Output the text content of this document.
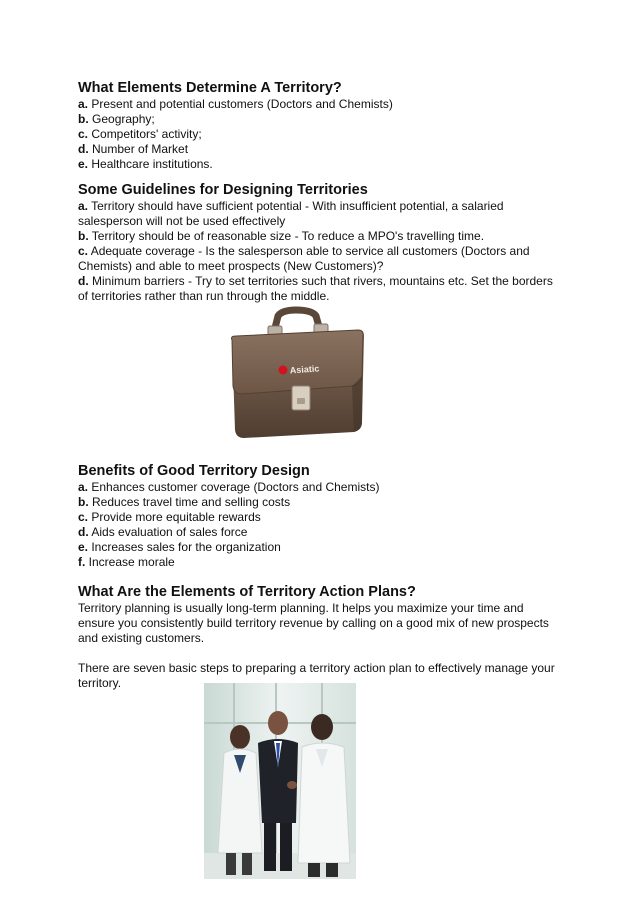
What Elements Determine A Territory?
a. Present and potential customers (Doctors and Chemists)
b. Geography;
c. Competitors' activity;
d. Number of Market
e. Healthcare institutions.
Some Guidelines for Designing Territories
a. Territory should have sufficient potential - With insufficient potential, a salaried salesperson will not be used effectively
b. Territory should be of reasonable size - To reduce a MPO's travelling time.
c. Adequate coverage - Is the salesperson able to service all customers (Doctors and Chemists) and able to meet prospects (New Customers)?
d. Minimum barriers - Try to set territories such that rivers, mountains etc. Set the borders of territories rather than run through the middle.
Asiatic
Benefits of Good Territory Design
a. Enhances customer coverage (Doctors and Chemists)
b. Reduces travel time and selling costs
c. Provide more equitable rewards
d. Aids evaluation of sales force
e. Increases sales for the organization
f. Increase morale
What Are the Elements of Territory Action Plans?

Territory planning is usually long-term planning. It helps you maximize your time and ensure you consistently build territory revenue by calling on a good mix of new prospects and existing customers.

There are seven basic steps to preparing a territory action plan to effectively manage your territory.
